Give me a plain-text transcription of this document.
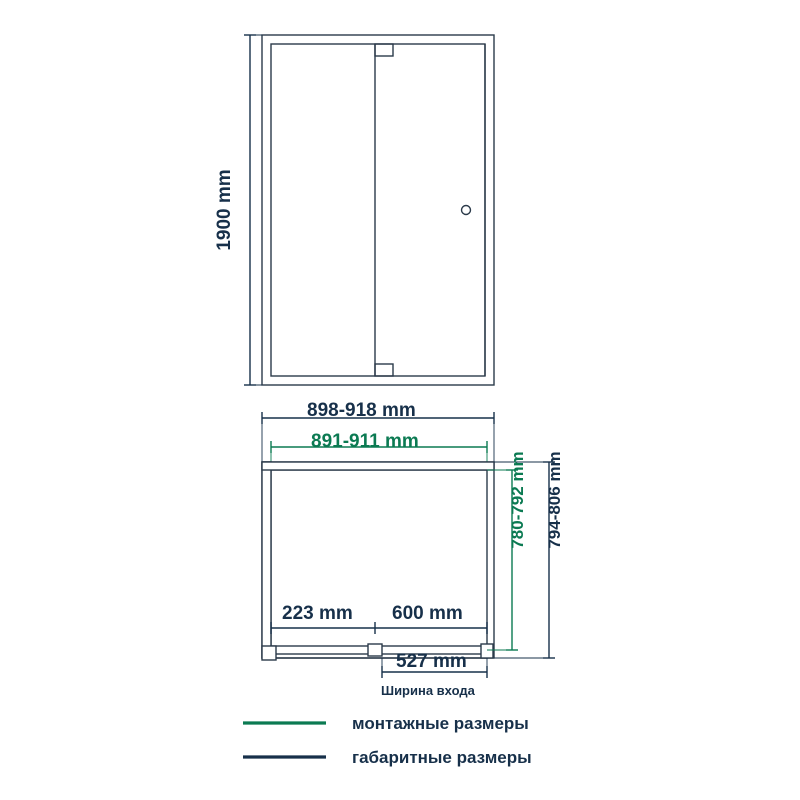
1900 mm
898-918 mm
891-911 mm
780-792 mm 794-806 mm
223 mm 600 mm
527 mm
Ширина входа
монтажные размеры
габаритные размеры
